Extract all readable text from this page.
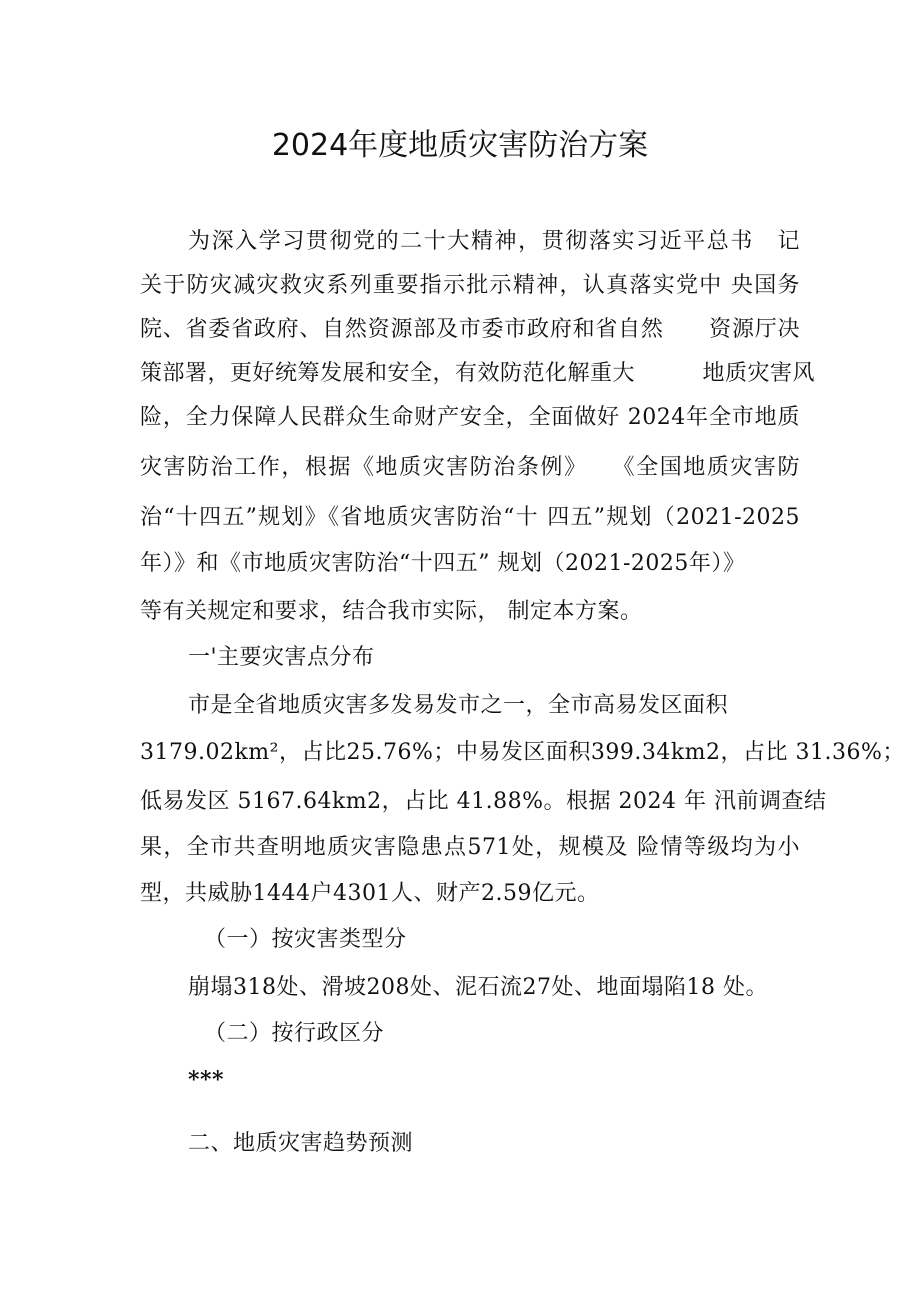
2024年度地质灾害防治方案
为深入学习贯彻党的二十大精神，贯彻落实习近平总书　记
关于防灾减灾救灾系列重要指示批示精神，认真落实党中 央国务
院、省委省政府、自然资源部及市委市政府和省自然　　资源厅决
策部署，更好统筹发展和安全，有效防范化解重大　　　地质灾害风
险，全力保障人民群众生命财产安全，全面做好 2024年全市地质
灾害防治工作，根据《地质灾害防治条例》　　《全国地质灾害防
治“十四五”规划》《省地质灾害防治“十 四五”规划（2021-2025
年）》和《市地质灾害防治“十四五” 规划（2021-2025年）》
等有关规定和要求，结合我市实际， 制定本方案。
一'主要灾害点分布
市是全省地质灾害多发易发市之一，全市高易发区面积
3179.02km²，占比25.76%；中易发区面积399.34km2，占比 31.36%；
低易发区 5167.64km2，占比 41.88%。根据 2024 年 汛前调查结
果，全市共查明地质灾害隐患点571处，规模及 险情等级均为小
型，共威胁1444户4301人、财产2.59亿元。
（一）按灾害类型分
崩塌318处、滑坡208处、泥石流27处、地面塌陷18 处。
（二）按行政区分
***
二、地质灾害趋势预测
